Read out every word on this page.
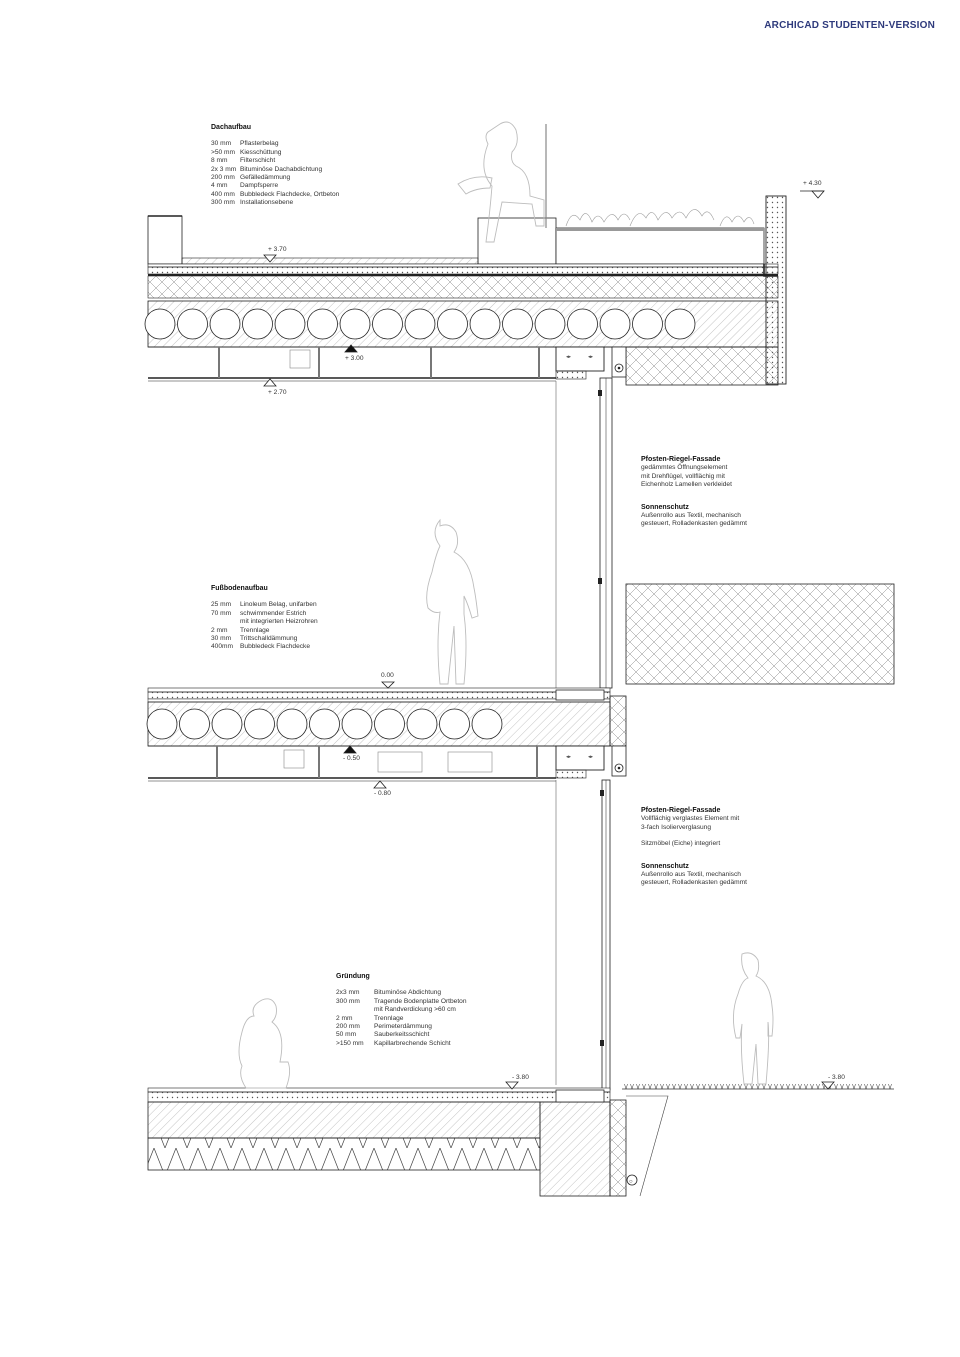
◂▸	◂▸
◂▸	◂▸
○
ARCHICAD STUDENTEN-VERSION
Dachaufbau
30 mm	Pflasterbelag
>50 mm Kiesschüttung
8 mm	Filterschicht
2x 3 mm Bituminöse Dachabdichtung
200 mm Gefälledämmung
4 mm	Dampfsperre
400 mm Bubbledeck Flachdecke, Ortbeton
300 mm Installationsebene
Fußbodenaufbau
25 mm	Linoleum Belag, unifarben
70 mm	schwimmender Estrich
mit integrierten Heizrohren
2 mm	Trennlage
30 mm	Trittschalldämmung
400mm	Bubbledeck Flachdecke
Gründung
2x3 mm	Bituminöse Abdichtung
300 mm	Tragende Bodenplatte Ortbeton
mit Randverdickung >60 cm
2 mm	Trennlage
200 mm	Perimeterdämmung
50 mm	Sauberkeitsschicht
>150 mm	Kapillarbrechende Schicht
Pfosten-Riegel-Fassade
gedämmtes Öffnungselement
mit Drehflügel, vollflächig mit
Eichenholz Lamellen verkleidet
Sonnenschutz
Außenrollo aus Textil, mechanisch
gesteuert, Rolladenkasten gedämmt
Pfosten-Riegel-Fassade
Vollflächig verglastes Element mit
3-fach Isolierverglasung
Sitzmöbel (Eiche) integriert
Sonnenschutz
Außenrollo aus Textil, mechanisch
gesteuert, Rolladenkasten gedämmt
+ 4.30
+ 3.70
+ 3.00
+ 2.70
0.00
- 0.50
- 0.80
- 3.80	- 3.80
